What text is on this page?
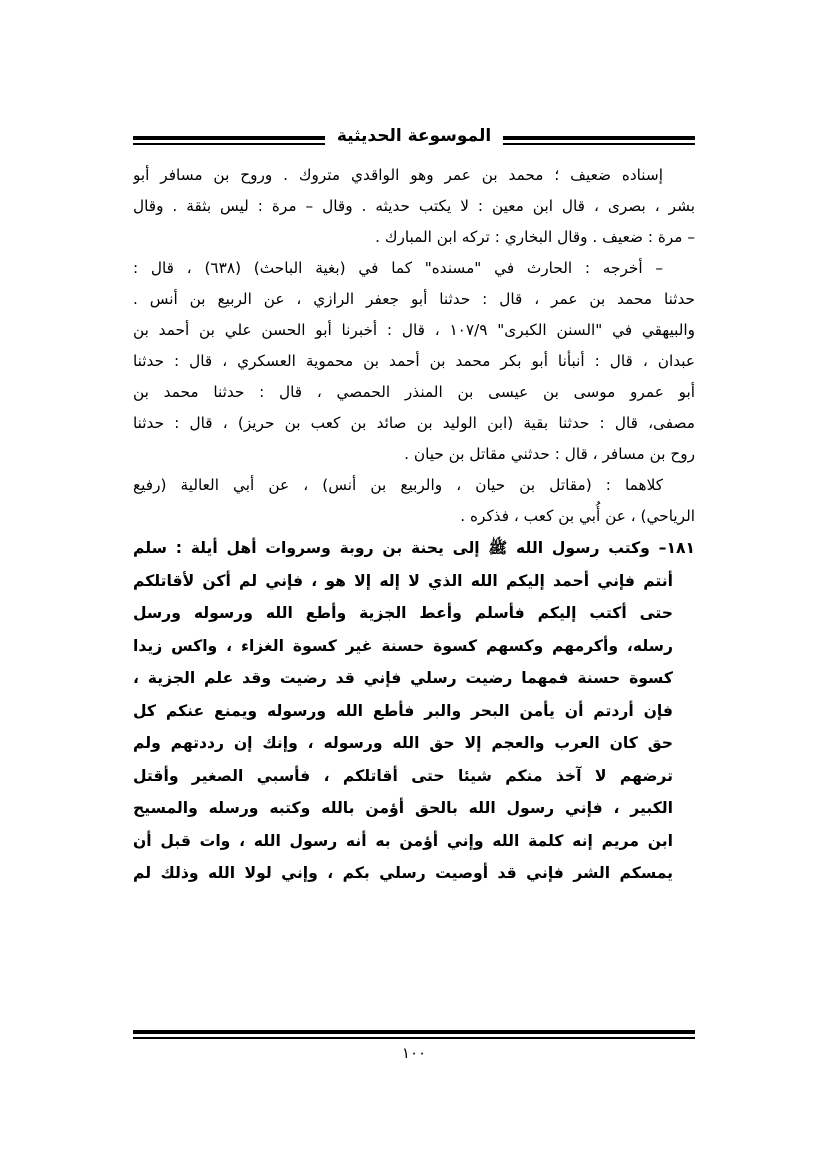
الموسوعة الحديثية
إسناده ضعيف ؛ محمد بن عمر وهو الواقدي متروك . وروح بن مسافر أبو
بشر ، بصرى ، قال ابن معين : لا يكتب حديثه . وقال – مرة : ليس بثقة . وقال
– مرة : ضعيف . وقال البخاري : تركه ابن المبارك .
– أخرجه : الحارث في "مسنده" كما في (بغية الباحث) (٦٣٨) ، قال :
حدثنا محمد بن عمر ، قال : حدثنا أبو جعفر الرازي ، عن الربيع بن أنس .
والبيهقي في "السنن الكبرى" ١٠٧/٩ ، قال : أخبرنا أبو الحسن علي بن أحمد بن
عبدان ، قال : أنبأنا أبو بكر محمد بن أحمد بن محموية العسكري ، قال : حدثنا
أبو عمرو موسى بن عيسى بن المنذر الحمصي ، قال : حدثنا محمد بن
مصفى، قال : حدثنا بقية (ابن الوليد بن صائد بن كعب بن حريز) ، قال : حدثنا
روح بن مسافر ، قال : حدثني مقاتل بن حيان .
كلاهما : (مقاتل بن حيان ، والربيع بن أنس) ، عن أبي العالية (رفيع
الرياحي) ، عن أُبي بن كعب ، فذكره .
١٨١– وكتب رسول الله ﷺ إلى يحنة بن روبة وسروات أهل أيلة : سلم
أنتم فإني أحمد إليكم الله الذي لا إله إلا هو ، فإني لم أكن لأقاتلكم
حتى أكتب إليكم فأسلم وأعط الجزية وأطع الله ورسوله ورسل
رسله، وأكرمهم وكسهم كسوة حسنة غير كسوة الغزاء ، واكس زيدا
كسوة حسنة فمهما رضيت رسلي فإني قد رضيت وقد علم الجزية ،
فإن أردتم أن يأمن البحر والبر فأطع الله ورسوله ويمنع عنكم كل
حق كان العرب والعجم إلا حق الله ورسوله ، وإنك إن رددتهم ولم
ترضهم لا آخذ منكم شيئا حتى أقاتلكم ، فأسبي الصغير وأقتل
الكبير ، فإني رسول الله بالحق أؤمن بالله وكتبه ورسله والمسيح
ابن مريم إنه كلمة الله وإني أؤمن به أنه رسول الله ، وات قبل أن
يمسكم الشر فإني قد أوصيت رسلي بكم ، وإني لولا الله وذلك لم
١٠٠
